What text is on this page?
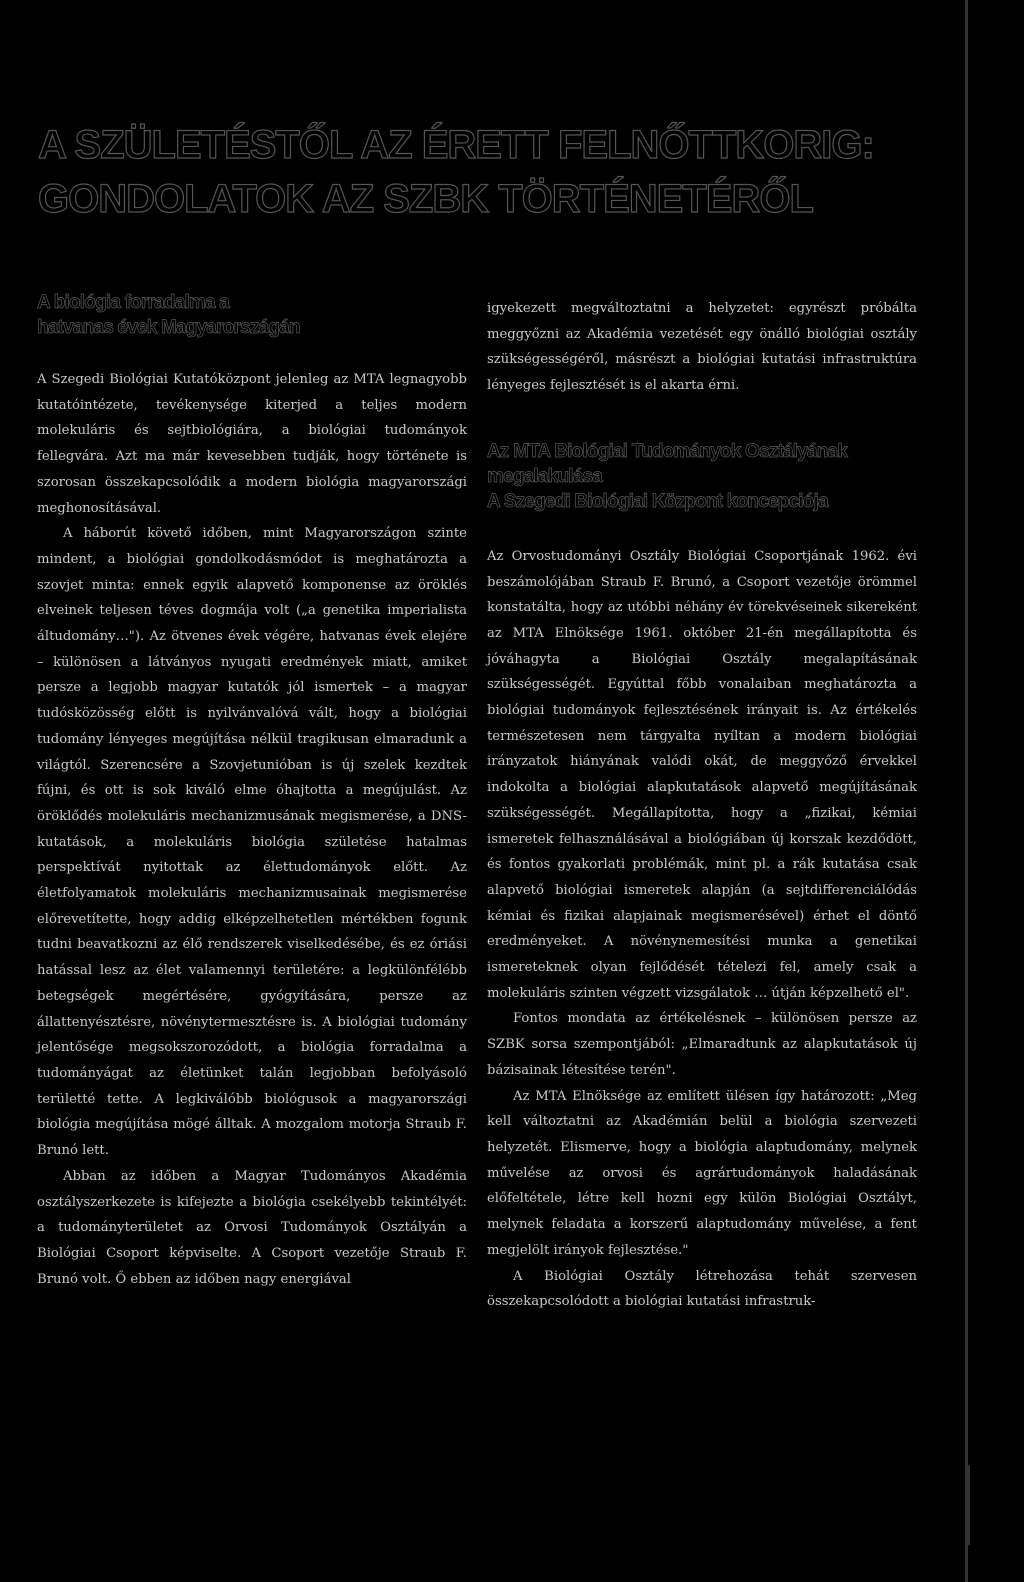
A SZÜLETÉSTŐL AZ ÉRETT FELNŐTTKORIG:
GONDOLATOK AZ SZBK TÖRTÉNETÉRŐL
A biológia forradalma a
hatvanas évek Magyarországán

A Szegedi Biológiai Kutatóközpont jelenleg az MTA legnagyobb kutatóintézete, tevékenysége kiterjed a teljes modern molekuláris és sejtbiológiára, a biológiai tudományok fellegvára. Azt ma már kevesebben tudják, hogy története is szorosan összekapcsolódik a modern biológia magyarországi meghonosításával.

A háborút követő időben, mint Magyarországon szinte mindent, a biológiai gondolkodásmódot is meghatározta a szovjet minta: ennek egyik alapvető komponense az öröklés elveinek teljesen téves dogmája volt („a genetika imperialista áltudomány…"). Az ötvenes évek végére, hatvanas évek elejére – különösen a látványos nyugati eredmények miatt, amiket persze a legjobb magyar kutatók jól ismertek – a magyar tudósközösség előtt is nyilvánvalóvá vált, hogy a biológiai tudomány lényeges megújítása nélkül tragikusan elmaradunk a világtól. Szerencsére a Szovjetunióban is új szelek kezdtek fújni, és ott is sok kiváló elme óhajtotta a megújulást. Az öröklődés molekuláris mechanizmusának megismerése, a DNS-kutatások, a molekuláris biológia születése hatalmas perspektívát nyitottak az élettudományok előtt. Az életfolyamatok molekuláris mechanizmusainak megismerése előrevetítette, hogy addig elképzelhetetlen mértékben fogunk tudni beavatkozni az élő rendszerek viselkedésébe, és ez óriási hatással lesz az élet valamennyi területére: a legkülönfélébb betegségek megértésére, gyógyítására, persze az állattenyésztésre, növénytermesztésre is. A biológiai tudomány jelentősége megsokszorozódott, a biológia forradalma a tudományágat az életünket talán legjobban befolyásoló területté tette. A legkiválóbb biológusok a magyarországi biológia megújítása mögé álltak. A mozgalom motorja Straub F. Brunó lett.

Abban az időben a Magyar Tudományos Akadémia osztályszerkezete is kifejezte a biológia csekélyebb tekintélyét: a tudományterületet az Orvosi Tudományok Osztályán a Biológiai Csoport képviselte. A Csoport vezetője Straub F. Brunó volt. Ő ebben az időben nagy energiával

igyekezett megváltoztatni a helyzetet: egyrészt próbálta meggyőzni az Akadémia vezetését egy önálló biológiai osztály szükségességéről, másrészt a biológiai kutatási infrastruktúra lényeges fejlesztését is el akarta érni.

Az MTA Biológiai Tudományok Osztályának
megalakulása
A Szegedi Biológiai Központ koncepciója

Az Orvostudományi Osztály Biológiai Csoportjának 1962. évi beszámolójában Straub F. Brunó, a Csoport vezetője örömmel konstatálta, hogy az utóbbi néhány év törekvéseinek sikereként az MTA Elnöksége 1961. október 21-én megállapította és jóváhagyta a Biológiai Osztály megalapításának szükségességét. Egyúttal főbb vonalaiban meghatározta a biológiai tudományok fejlesztésének irányait is. Az értékelés természetesen nem tárgyalta nyíltan a modern biológiai irányzatok hiányának valódi okát, de meggyőző érvekkel indokolta a biológiai alapkutatások alapvető megújításának szükségességét. Megállapította, hogy a „fizikai, kémiai ismeretek felhasználásával a biológiában új korszak kezdődött, és fontos gyakorlati problémák, mint pl. a rák kutatása csak alapvető biológiai ismeretek alapján (a sejtdifferenciálódás kémiai és fizikai alapjainak megismerésével) érhet el döntő eredményeket. A növénynemesítési munka a genetikai ismereteknek olyan fejlődését tételezi fel, amely csak a molekuláris szinten végzett vizsgálatok … útján képzelhető el".

Fontos mondata az értékelésnek – különösen persze az SZBK sorsa szempontjából: „Elmaradtunk az alapkutatások új bázisainak létesítése terén".

Az MTA Elnöksége az említett ülésen így határozott: „Meg kell változtatni az Akadémián belül a biológia szervezeti helyzetét. Elismerve, hogy a biológia alaptudomány, melynek művelése az orvosi és agrártudományok haladásának előfeltétele, létre kell hozni egy külön Biológiai Osztályt, melynek feladata a korszerű alaptudomány művelése, a fent megjelölt irányok fejlesztése."

A Biológiai Osztály létrehozása tehát szervesen összekapcsolódott a biológiai kutatási infrastruk-
